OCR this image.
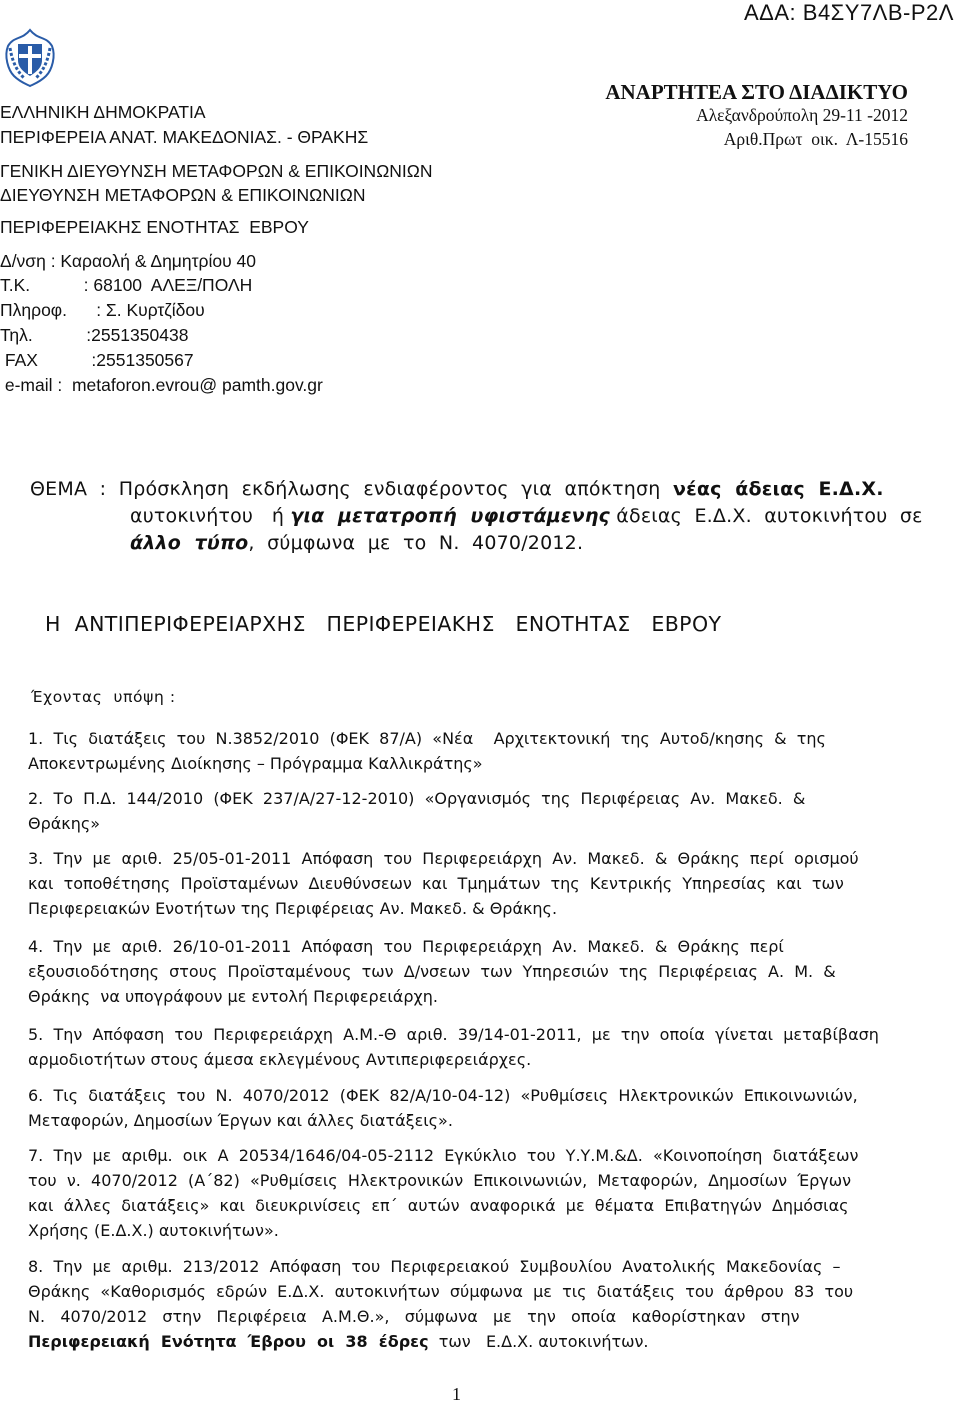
ΑΔΑ: Β4ΣΥ7ΛΒ-Ρ2Λ
ΕΛΛΗΝΙΚΗ ΔΗΜΟΚΡΑΤΙΑ
ΠΕΡΙΦΕΡΕΙΑ ΑΝΑΤ. ΜΑΚΕΔΟΝΙΑΣ. - ΘΡΑΚΗΣ
ΓΕΝΙΚΗ ΔΙΕΥΘΥΝΣΗ ΜΕΤΑΦΟΡΩΝ & ΕΠΙΚΟΙΝΩΝΙΩΝ
ΔΙΕΥΘΥΝΣΗ ΜΕΤΑΦΟΡΩΝ & ΕΠΙΚΟΙΝΩΝΙΩΝ
ΠΕΡΙΦΕΡΕΙΑΚΗΣ ΕΝΟΤΗΤΑΣ  ΕΒΡΟΥ
Δ/νση : Καραολή & Δημητρίου 40
Τ.Κ.           : 68100  ΑΛΕΞ/ΠΟΛΗ
Πληροφ.      : Σ. Κυρτζίδου
Τηλ.           :2551350438
FAX           :2551350567
e-mail :  metaforon.evrou@ pamth.gov.gr
ΑΝΑΡΤΗΤΕΑ ΣΤΟ ΔΙΑΔΙΚΤΥΟ
Αλεξανδρούπολη 29-11 -2012
Αριθ.Πρωτ  οικ.  Λ-15516
ΘΕΜΑ  :  Πρόσκληση  εκδήλωσης  ενδιαφέροντος  για  απόκτηση  νέας  άδειας  Ε.Δ.Χ.
αυτοκινήτου   ή για  μετατροπή  υφιστάμενης άδειας  Ε.Δ.Χ.  αυτοκινήτου  σε
άλλο  τύπο,  σύμφωνα  με  το  Ν.  4070/2012.
Η  ΑΝΤΙΠΕΡΙΦΕΡΕΙΑΡΧΗΣ   ΠΕΡΙΦΕΡΕΙΑΚΗΣ   ΕΝΟΤΗΤΑΣ   ΕΒΡΟΥ
Έχοντας  υπόψη :
1.  Τις  διατάξεις  του  Ν.3852/2010  (ΦΕΚ  87/Α)  «Νέα    Αρχιτεκτονική  της  Αυτοδ/κησης  &  της
Αποκεντρωμένης Διοίκησης – Πρόγραμμα Καλλικράτης»
2.  Το  Π.Δ.  144/2010  (ΦΕΚ  237/Α/27-12-2010)  «Οργανισμός  της  Περιφέρειας  Αν.  Μακεδ.  &
Θράκης»
3.  Την  με  αριθ.  25/05-01-2011  Απόφαση  του  Περιφερειάρχη  Αν.  Μακεδ.  &  Θράκης  περί  ορισμού
και  τοποθέτησης  Προϊσταμένων  Διευθύνσεων  και  Τμημάτων  της  Κεντρικής  Υπηρεσίας  και  των
Περιφερειακών Ενοτήτων της Περιφέρειας Αν. Μακεδ. & Θράκης.
4.  Την  με  αριθ.  26/10-01-2011  Απόφαση  του  Περιφερειάρχη  Αν.  Μακεδ.  &  Θράκης  περί
εξουσιοδότησης  στους  Προϊσταμένους  των  Δ/νσεων  των  Υπηρεσιών  της  Περιφέρειας  Α.  Μ.  &
Θράκης  να υπογράφουν με εντολή Περιφερειάρχη.
5.  Την  Απόφαση  του  Περιφερειάρχη  Α.Μ.-Θ  αριθ.  39/14-01-2011,  με  την  οποία  γίνεται  μεταβίβαση
αρμοδιοτήτων στους άμεσα εκλεγμένους Αντιπεριφερειάρχες.
6.  Τις  διατάξεις  του  Ν.  4070/2012  (ΦΕΚ  82/Α/10-04-12)  «Ρυθμίσεις  Ηλεκτρονικών  Επικοινωνιών,
Μεταφορών, Δημοσίων Έργων και άλλες διατάξεις».
7.  Την  με  αριθμ.  οικ  Α  20534/1646/04-05-2112  Εγκύκλιο  του  Υ.Υ.Μ.&Δ.  «Κοινοποίηση  διατάξεων
του  ν.  4070/2012  (Α΄82)  «Ρυθμίσεις  Ηλεκτρονικών  Επικοινωνιών,  Μεταφορών,  Δημοσίων  Έργων
και  άλλες  διατάξεις»  και  διευκρινίσεις  επ΄  αυτών  αναφορικά  με  θέματα  Επιβατηγών  Δημόσιας
Χρήσης (Ε.Δ.Χ.) αυτοκινήτων».
8.  Την  με  αριθμ.  213/2012  Απόφαση  του  Περιφερειακού  Συμβουλίου  Ανατολικής  Μακεδονίας  –
Θράκης  «Καθορισμός  εδρών  Ε.Δ.Χ.  αυτοκινήτων  σύμφωνα  με  τις  διατάξεις  του  άρθρου  83  του
Ν.   4070/2012   στην   Περιφέρεια   Α.Μ.Θ.»,   σύμφωνα   με   την   οποία   καθορίστηκαν   στην
Περιφερειακή  Ενότητα  Έβρου  οι  38  έδρες  των   Ε.Δ.Χ. αυτοκινήτων.
1
